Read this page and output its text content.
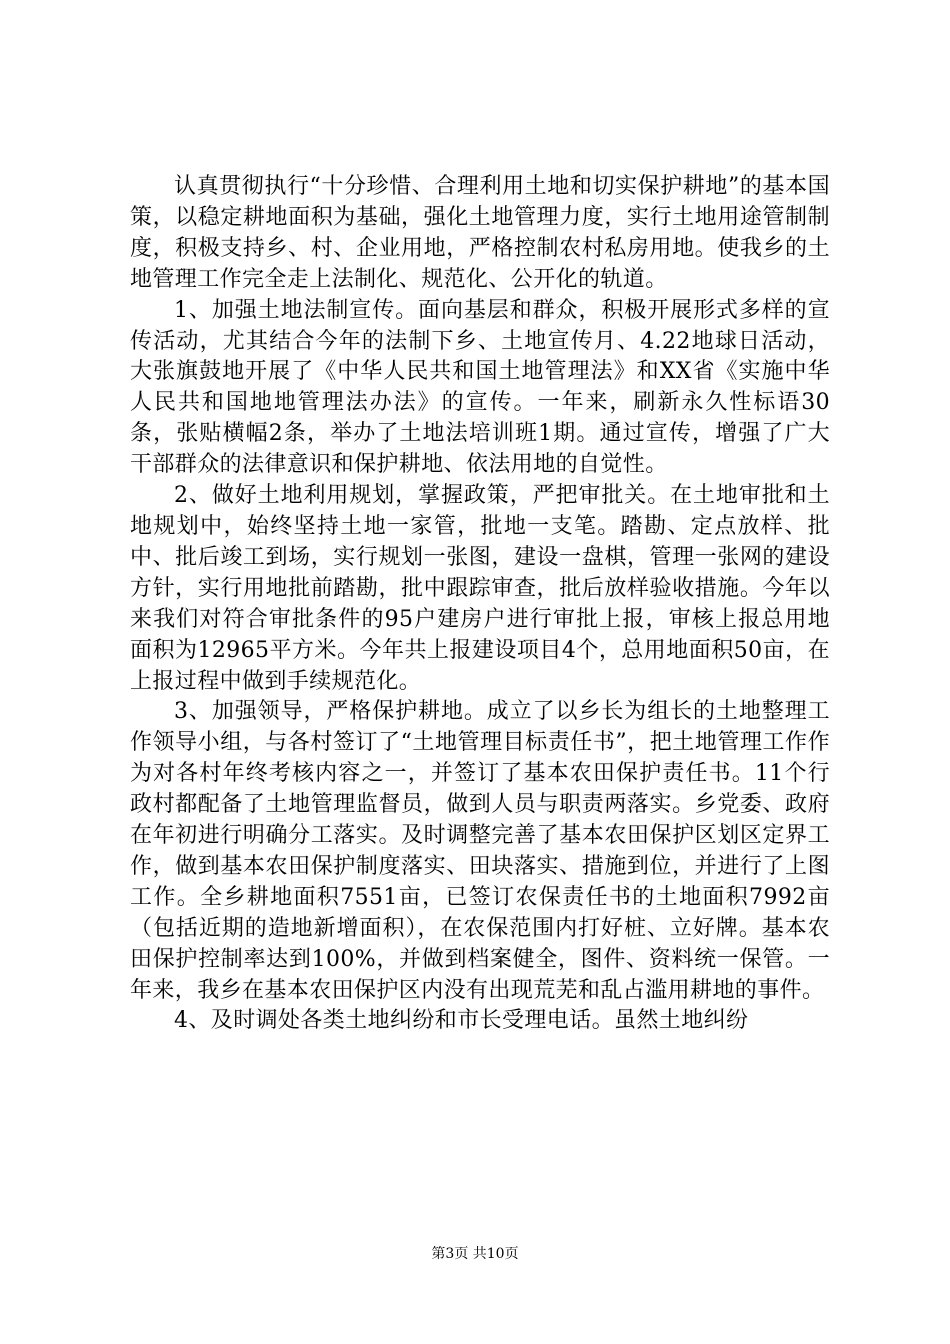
认真贯彻执行“十分珍惜、合理利用土地和切实保护耕地”的基本国策，以稳定耕地面积为基础，强化土地管理力度，实行土地用途管制制度，积极支持乡、村、企业用地，严格控制农村私房用地。使我乡的土地管理工作完全走上法制化、规范化、公开化的轨道。

1、加强土地法制宣传。面向基层和群众，积极开展形式多样的宣传活动，尤其结合今年的法制下乡、土地宣传月、4.22地球日活动，大张旗鼓地开展了《中华人民共和国土地管理法》和XX省《实施中华人民共和国地地管理法办法》的宣传。一年来，刷新永久性标语30条，张贴横幅2条，举办了土地法培训班1期。通过宣传，增强了广大干部群众的法律意识和保护耕地、依法用地的自觉性。

2、做好土地利用规划，掌握政策，严把审批关。在土地审批和土地规划中，始终坚持土地一家管，批地一支笔。踏勘、定点放样、批中、批后竣工到场，实行规划一张图，建设一盘棋，管理一张网的建设方针，实行用地批前踏勘，批中跟踪审查，批后放样验收措施。今年以来我们对符合审批条件的95户建房户进行审批上报，审核上报总用地面积为12965平方米。今年共上报建设项目4个，总用地面积50亩，在上报过程中做到手续规范化。

3、加强领导，严格保护耕地。成立了以乡长为组长的土地整理工作领导小组，与各村签订了“土地管理目标责任书”，把土地管理工作作为对各村年终考核内容之一，并签订了基本农田保护责任书。11个行政村都配备了土地管理监督员，做到人员与职责两落实。乡党委、政府在年初进行明确分工落实。及时调整完善了基本农田保护区划区定界工作，做到基本农田保护制度落实、田块落实、措施到位，并进行了上图工作。全乡耕地面积7551亩，已签订农保责任书的土地面积7992亩（包括近期的造地新增面积），在农保范围内打好桩、立好牌。基本农田保护控制率达到100%，并做到档案健全，图件、资料统一保管。一年来，我乡在基本农田保护区内没有出现荒芜和乱占滥用耕地的事件。

4、及时调处各类土地纠纷和市长受理电话。虽然土地纠纷

第3页 共10页
